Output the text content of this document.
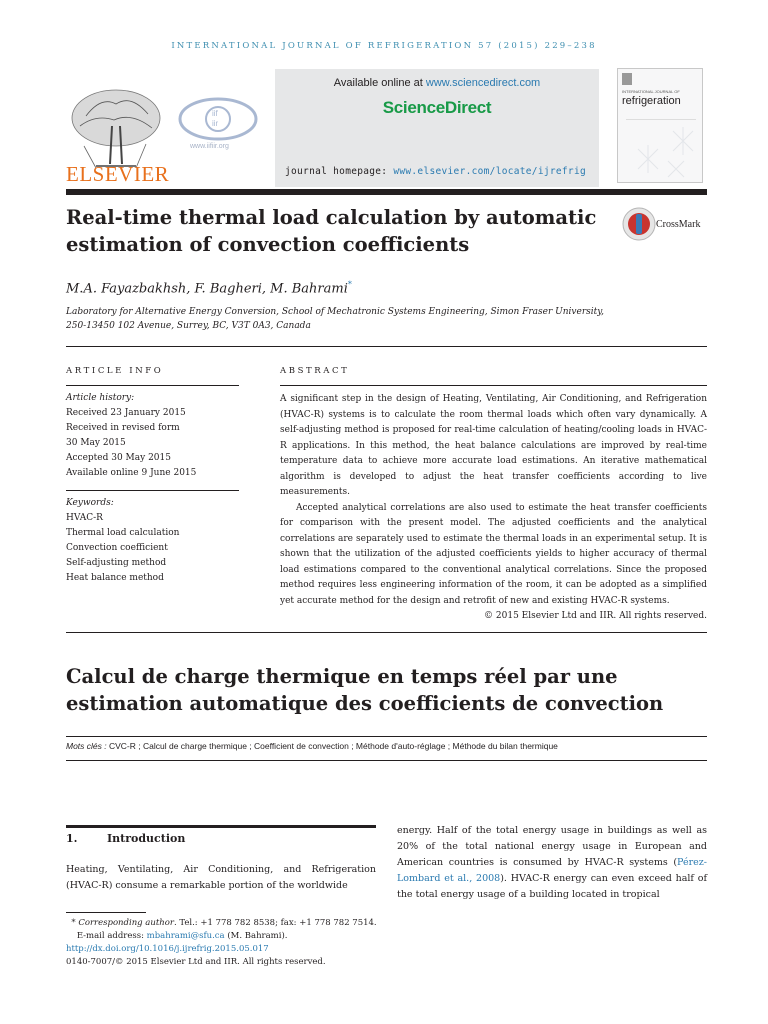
INTERNATIONAL JOURNAL OF REFRIGERATION 57 (2015) 229–238
ELSEVIER
iif
iir
www.iifiir.org
Available online at www.sciencedirect.com
ScienceDirect
journal homepage: www.elsevier.com/locate/ijrefrig
INTERNATIONAL JOURNAL OF
refrigeration
Real-time thermal load calculation by automatic estimation of convection coefficients
CrossMark
M.A. Fayazbakhsh, F. Bagheri, M. Bahrami*
Laboratory for Alternative Energy Conversion, School of Mechatronic Systems Engineering, Simon Fraser University,
250-13450 102 Avenue, Surrey, BC, V3T 0A3, Canada
ARTICLE INFO
Article history:
Received 23 January 2015
Received in revised form
30 May 2015
Accepted 30 May 2015
Available online 9 June 2015
Keywords:
HVAC-R
Thermal load calculation
Convection coefficient
Self-adjusting method
Heat balance method
ABSTRACT

A significant step in the design of Heating, Ventilating, Air Conditioning, and Refrigeration (HVAC-R) systems is to calculate the room thermal loads which often vary dynamically. A self-adjusting method is proposed for real-time calculation of heating/cooling loads in HVAC-R applications. In this method, the heat balance calculations are improved by real-time temperature data to achieve more accurate load estimations. An iterative mathematical algorithm is developed to adjust the heat transfer coefficients according to live measurements.

Accepted analytical correlations are also used to estimate the heat transfer coefficients for comparison with the present model. The adjusted coefficients and the analytical correlations are separately used to estimate the thermal loads in an experimental setup. It is shown that the utilization of the adjusted coefficients yields to higher accuracy of thermal load estimations compared to the conventional analytical correlations. Since the proposed method requires less engineering information of the room, it can be adopted as a simplified yet accurate method for the design and retrofit of new and existing HVAC-R systems.

© 2015 Elsevier Ltd and IIR. All rights reserved.

Calcul de charge thermique en temps réel par une estimation automatique des coefficients de convection
Mots clés : CVC-R ; Calcul de charge thermique ; Coefficient de convection ; Méthode d'auto-réglage ; Méthode du bilan thermique
1.	Introduction
Heating, Ventilating, Air Conditioning, and Refrigeration (HVAC-R) consume a remarkable portion of the worldwide
energy. Half of the total energy usage in buildings as well as 20% of the total national energy usage in European and American countries is consumed by HVAC-R systems (Pérez-Lombard et al., 2008). HVAC-R energy can even exceed half of the total energy usage of a building located in tropical
* Corresponding author. Tel.: +1 778 782 8538; fax: +1 778 782 7514.
E-mail address: mbahrami@sfu.ca (M. Bahrami).
http://dx.doi.org/10.1016/j.ijrefrig.2015.05.017
0140-7007/© 2015 Elsevier Ltd and IIR. All rights reserved.
